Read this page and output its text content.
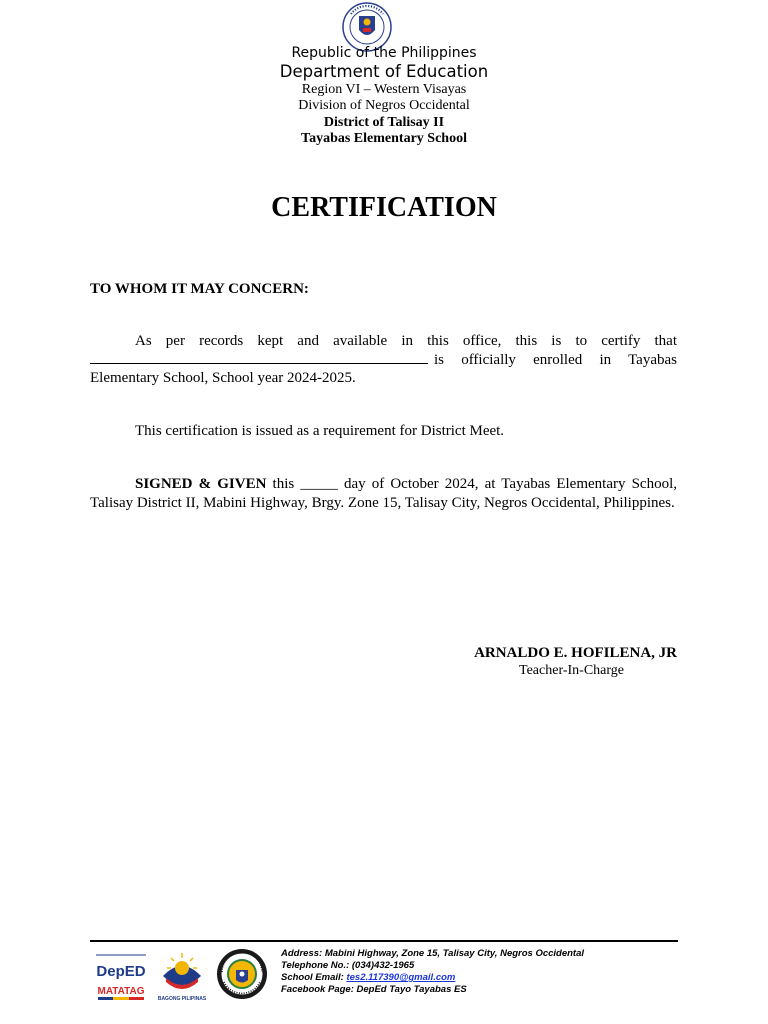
Republic of the Philippines
Department of Education
Region VI – Western Visayas
Division of Negros Occidental
District of Talisay II
Tayabas Elementary School
CERTIFICATION
TO WHOM IT MAY CONCERN:
As per records kept and available in this office, this is to certify that is officially enrolled in Tayabas Elementary School, School year 2024-2025.
This certification is issued as a requirement for District Meet.
SIGNED & GIVEN this _____ day of October 2024, at Tayabas Elementary School, Talisay District II, Mabini Highway, Brgy. Zone 15, Talisay City, Negros Occidental, Philippines.
ARNALDO E. HOFILENA, JR
Teacher-In-Charge
DepED
MATATAG
BAGONG PILIPINAS
Address: Mabini Highway, Zone 15, Talisay City, Negros Occidental
Telephone No.: (034)432-1965
School Email: tes2.117390@gmail.com
Facebook Page: DepEd Tayo Tayabas ES
